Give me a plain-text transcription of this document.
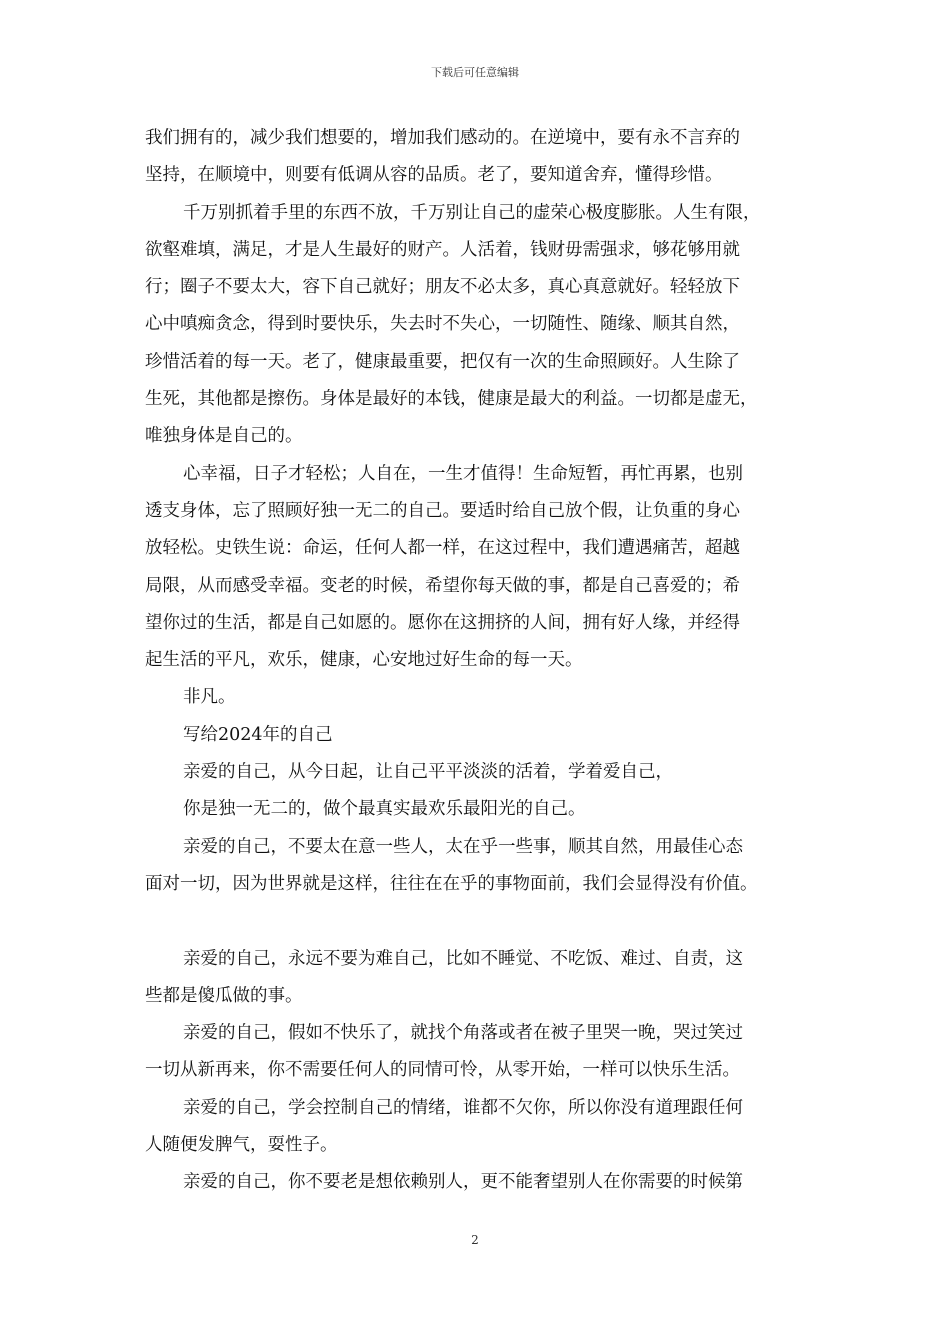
下载后可任意编辑
我们拥有的，减少我们想要的，增加我们感动的。在逆境中，要有永不言弃的
坚持，在顺境中，则要有低调从容的品质。老了，要知道舍弃，懂得珍惜。
千万别抓着手里的东西不放，千万别让自己的虚荣心极度膨胀。人生有限，
欲壑难填，满足，才是人生最好的财产。人活着，钱财毋需强求，够花够用就
行；圈子不要太大，容下自己就好；朋友不必太多，真心真意就好。轻轻放下
心中嗔痴贪念，得到时要快乐，失去时不失心，一切随性、随缘、顺其自然，
珍惜活着的每一天。老了，健康最重要，把仅有一次的生命照顾好。人生除了
生死，其他都是擦伤。身体是最好的本钱，健康是最大的利益。一切都是虚无，
唯独身体是自己的。
心幸福，日子才轻松；人自在，一生才值得！生命短暂，再忙再累，也别
透支身体，忘了照顾好独一无二的自己。要适时给自己放个假，让负重的身心
放轻松。史铁生说：命运，任何人都一样，在这过程中，我们遭遇痛苦，超越
局限，从而感受幸福。变老的时候，希望你每天做的事，都是自己喜爱的；希
望你过的生活，都是自己如愿的。愿你在这拥挤的人间，拥有好人缘，并经得
起生活的平凡，欢乐，健康，心安地过好生命的每一天。
非凡。
写给2024年的自己
亲爱的自己，从今日起，让自己平平淡淡的活着，学着爱自己，
你是独一无二的，做个最真实最欢乐最阳光的自己。
亲爱的自己，不要太在意一些人，太在乎一些事，顺其自然，用最佳心态
面对一切，因为世界就是这样，往往在在乎的事物面前，我们会显得没有价值。
亲爱的自己，永远不要为难自己，比如不睡觉、不吃饭、难过、自责，这
些都是傻瓜做的事。
亲爱的自己，假如不快乐了，就找个角落或者在被子里哭一晚，哭过笑过
一切从新再来，你不需要任何人的同情可怜，从零开始，一样可以快乐生活。
亲爱的自己，学会控制自己的情绪，谁都不欠你，所以你没有道理跟任何
人随便发脾气，耍性子。
亲爱的自己，你不要老是想依赖别人，更不能奢望别人在你需要的时候第
2
